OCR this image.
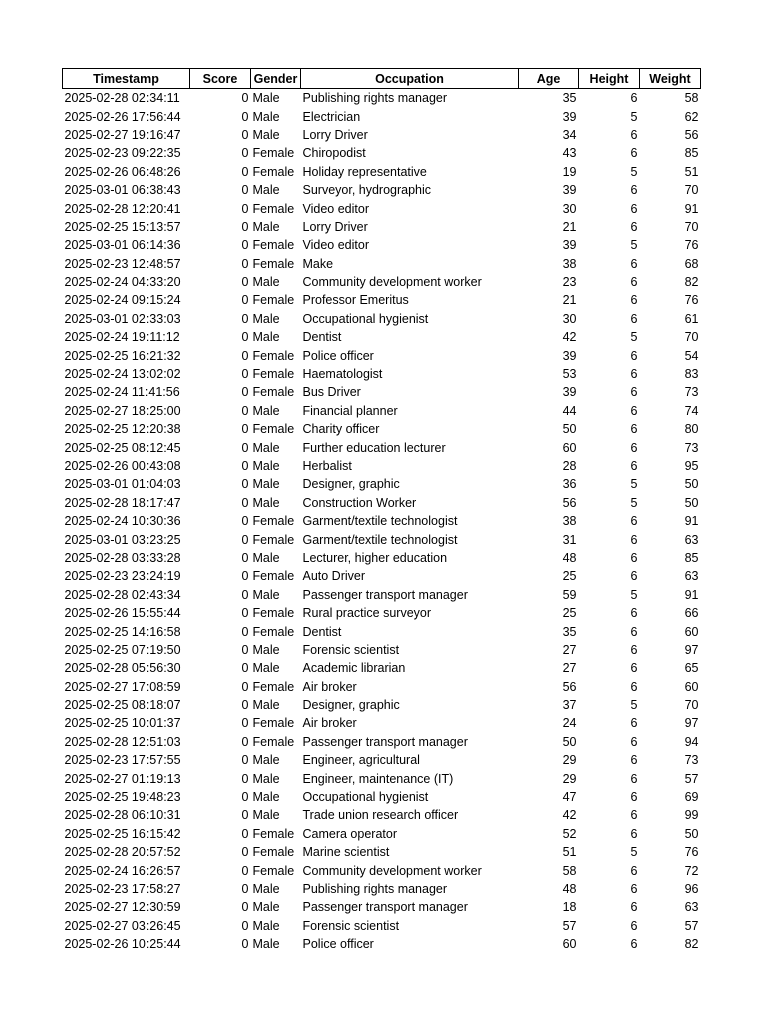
Timestamp	Score	Gender	Occupation	Age	Height	Weight
2025-02-28 02:34:11	0	Male	Publishing rights manager	35	6	58
2025-02-26 17:56:44	0	Male	Electrician	39	5	62
2025-02-27 19:16:47	0	Male	Lorry Driver	34	6	56
2025-02-23 09:22:35	0	Female	Chiropodist	43	6	85
2025-02-26 06:48:26	0	Female	Holiday representative	19	5	51
2025-03-01 06:38:43	0	Male	Surveyor, hydrographic	39	6	70
2025-02-28 12:20:41	0	Female	Video editor	30	6	91
2025-02-25 15:13:57	0	Male	Lorry Driver	21	6	70
2025-03-01 06:14:36	0	Female	Video editor	39	5	76
2025-02-23 12:48:57	0	Female	Make	38	6	68
2025-02-24 04:33:20	0	Male	Community development worker	23	6	82
2025-02-24 09:15:24	0	Female	Professor Emeritus	21	6	76
2025-03-01 02:33:03	0	Male	Occupational hygienist	30	6	61
2025-02-24 19:11:12	0	Male	Dentist	42	5	70
2025-02-25 16:21:32	0	Female	Police officer	39	6	54
2025-02-24 13:02:02	0	Female	Haematologist	53	6	83
2025-02-24 11:41:56	0	Female	Bus Driver	39	6	73
2025-02-27 18:25:00	0	Male	Financial planner	44	6	74
2025-02-25 12:20:38	0	Female	Charity officer	50	6	80
2025-02-25 08:12:45	0	Male	Further education lecturer	60	6	73
2025-02-26 00:43:08	0	Male	Herbalist	28	6	95
2025-03-01 01:04:03	0	Male	Designer, graphic	36	5	50
2025-02-28 18:17:47	0	Male	Construction Worker	56	5	50
2025-02-24 10:30:36	0	Female	Garment/textile technologist	38	6	91
2025-03-01 03:23:25	0	Female	Garment/textile technologist	31	6	63
2025-02-28 03:33:28	0	Male	Lecturer, higher education	48	6	85
2025-02-23 23:24:19	0	Female	Auto Driver	25	6	63
2025-02-28 02:43:34	0	Male	Passenger transport manager	59	5	91
2025-02-26 15:55:44	0	Female	Rural practice surveyor	25	6	66
2025-02-25 14:16:58	0	Female	Dentist	35	6	60
2025-02-25 07:19:50	0	Male	Forensic scientist	27	6	97
2025-02-28 05:56:30	0	Male	Academic librarian	27	6	65
2025-02-27 17:08:59	0	Female	Air broker	56	6	60
2025-02-25 08:18:07	0	Male	Designer, graphic	37	5	70
2025-02-25 10:01:37	0	Female	Air broker	24	6	97
2025-02-28 12:51:03	0	Female	Passenger transport manager	50	6	94
2025-02-23 17:57:55	0	Male	Engineer, agricultural	29	6	73
2025-02-27 01:19:13	0	Male	Engineer, maintenance (IT)	29	6	57
2025-02-25 19:48:23	0	Male	Occupational hygienist	47	6	69
2025-02-28 06:10:31	0	Male	Trade union research officer	42	6	99
2025-02-25 16:15:42	0	Female	Camera operator	52	6	50
2025-02-28 20:57:52	0	Female	Marine scientist	51	5	76
2025-02-24 16:26:57	0	Female	Community development worker	58	6	72
2025-02-23 17:58:27	0	Male	Publishing rights manager	48	6	96
2025-02-27 12:30:59	0	Male	Passenger transport manager	18	6	63
2025-02-27 03:26:45	0	Male	Forensic scientist	57	6	57
2025-02-26 10:25:44	0	Male	Police officer	60	6	82
